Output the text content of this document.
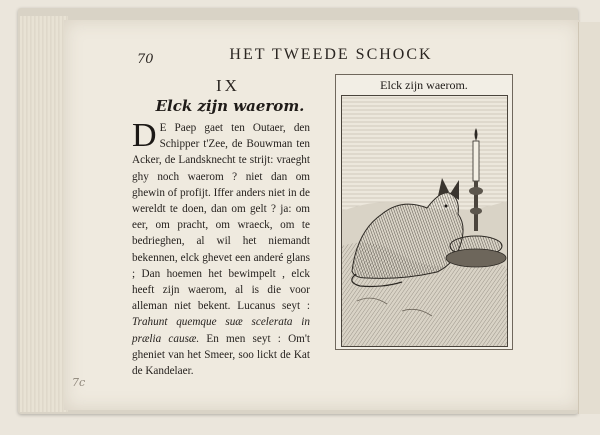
70	HET TWEEDE SCHOCK

IX

Elck zijn waerom.

D E Paep gaet ten Outaer, den Schipper t'Zee, de Bouwman ten Acker, de Landsknecht te strijt: vraeght ghy noch waerom ? niet dan om ghewin of profijt. Iffer anders niet in de wereldt te doen, dan om gelt ? ja: om eer, om pracht, om wraeck, om te bedrieghen, al wil het niemandt bekennen, elck ghevet een anderé glans ; Dan hoemen het bewimpelt , elck heeft zijn waerom, al is die voor alleman niet bekent. Lucanus seyt : Trahunt quemque suæ scelerata in prælia causæ. En men seyt : Om't gheniet van het Smeer, soo lickt de Kat de Kandelaer.

Elck zijn waerom.

7c
